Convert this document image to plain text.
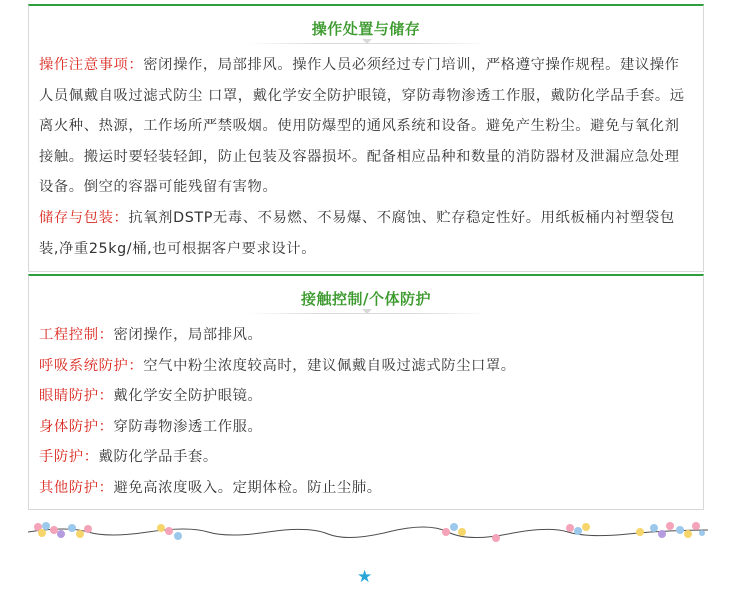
操作处置与储存

操作注意事项：密闭操作，局部排风。操作人员必须经过专门培训，严格遵守操作规程。建议操作人员佩戴自吸过滤式防尘 口罩，戴化学安全防护眼镜，穿防毒物渗透工作服，戴防化学品手套。远离火种、热源，工作场所严禁吸烟。使用防爆型的通风系统和设备。避免产生粉尘。避免与氧化剂接触。搬运时要轻装轻卸，防止包装及容器损坏。配备相应品种和数量的消防器材及泄漏应急处理设备。倒空的容器可能残留有害物。

储存与包装：抗氧剂DSTP无毒、不易燃、不易爆、不腐蚀、贮存稳定性好。用纸板桶内衬塑袋包装,净重25kg/桶,也可根据客户要求设计。

接触控制/个体防护

工程控制：密闭操作，局部排风。

呼吸系统防护：空气中粉尘浓度较高时，建议佩戴自吸过滤式防尘口罩。

眼睛防护：戴化学安全防护眼镜。

身体防护：穿防毒物渗透工作服。

手防护：戴防化学品手套。

其他防护：避免高浓度吸入。定期体检。防止尘肺。

★
